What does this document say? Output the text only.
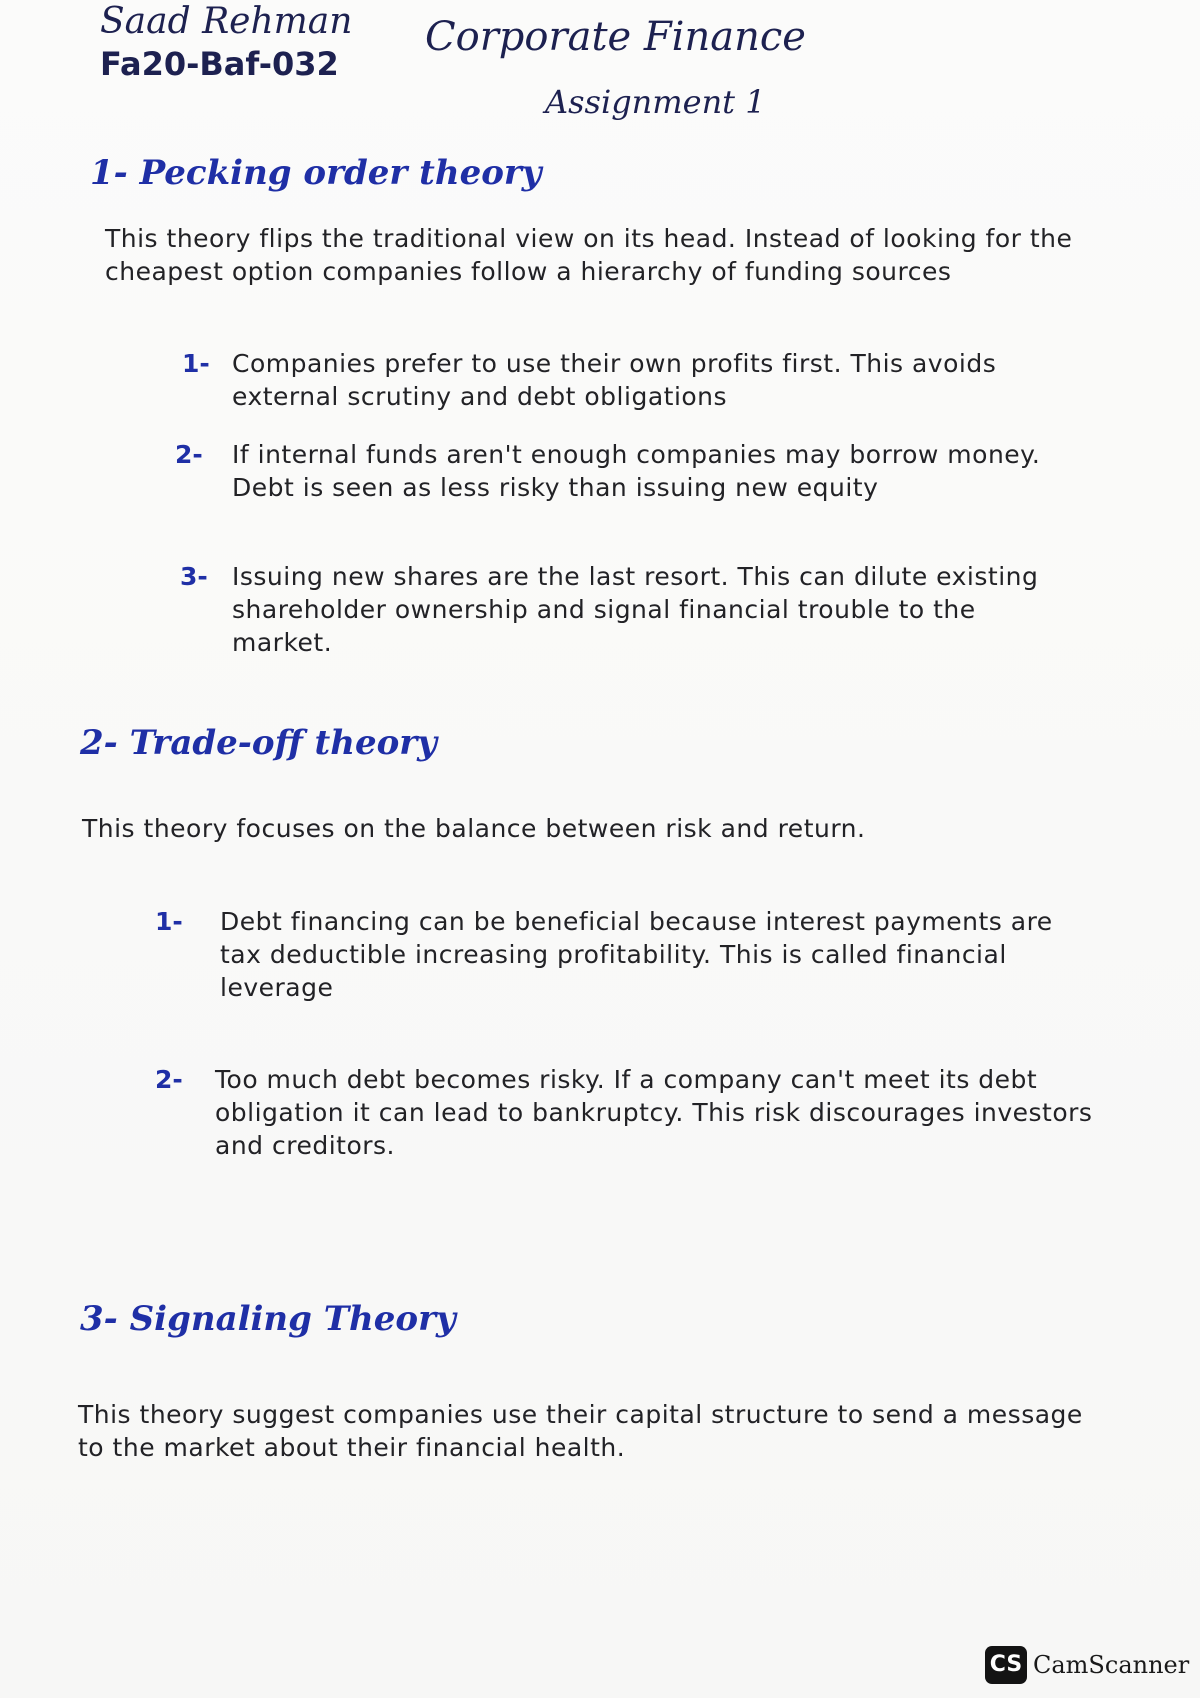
Saad Rehman
Fa20-Baf-032
Corporate Finance
Assignment 1
1- Pecking order theory
This theory flips the traditional view on its head. Instead of looking for the cheapest option companies follow a hierarchy of funding sources
1- Companies prefer to use their own profits first. This avoids external scrutiny and debt obligations
2- If internal funds aren't enough companies may borrow money. Debt is seen as less risky than issuing new equity
3- Issuing new shares are the last resort. This can dilute existing shareholder ownership and signal financial trouble to the market.
2- Trade-off theory
This theory focuses on the balance between risk and return.
1- Debt financing can be beneficial because interest payments are tax deductible increasing profitability. This is called financial leverage
2- Too much debt becomes risky. If a company can't meet its debt obligation it can lead to bankruptcy. This risk discourages investors and creditors.
3- Signaling Theory
This theory suggest companies use their capital structure to send a message to the market about their financial health.
CS CamScanner
